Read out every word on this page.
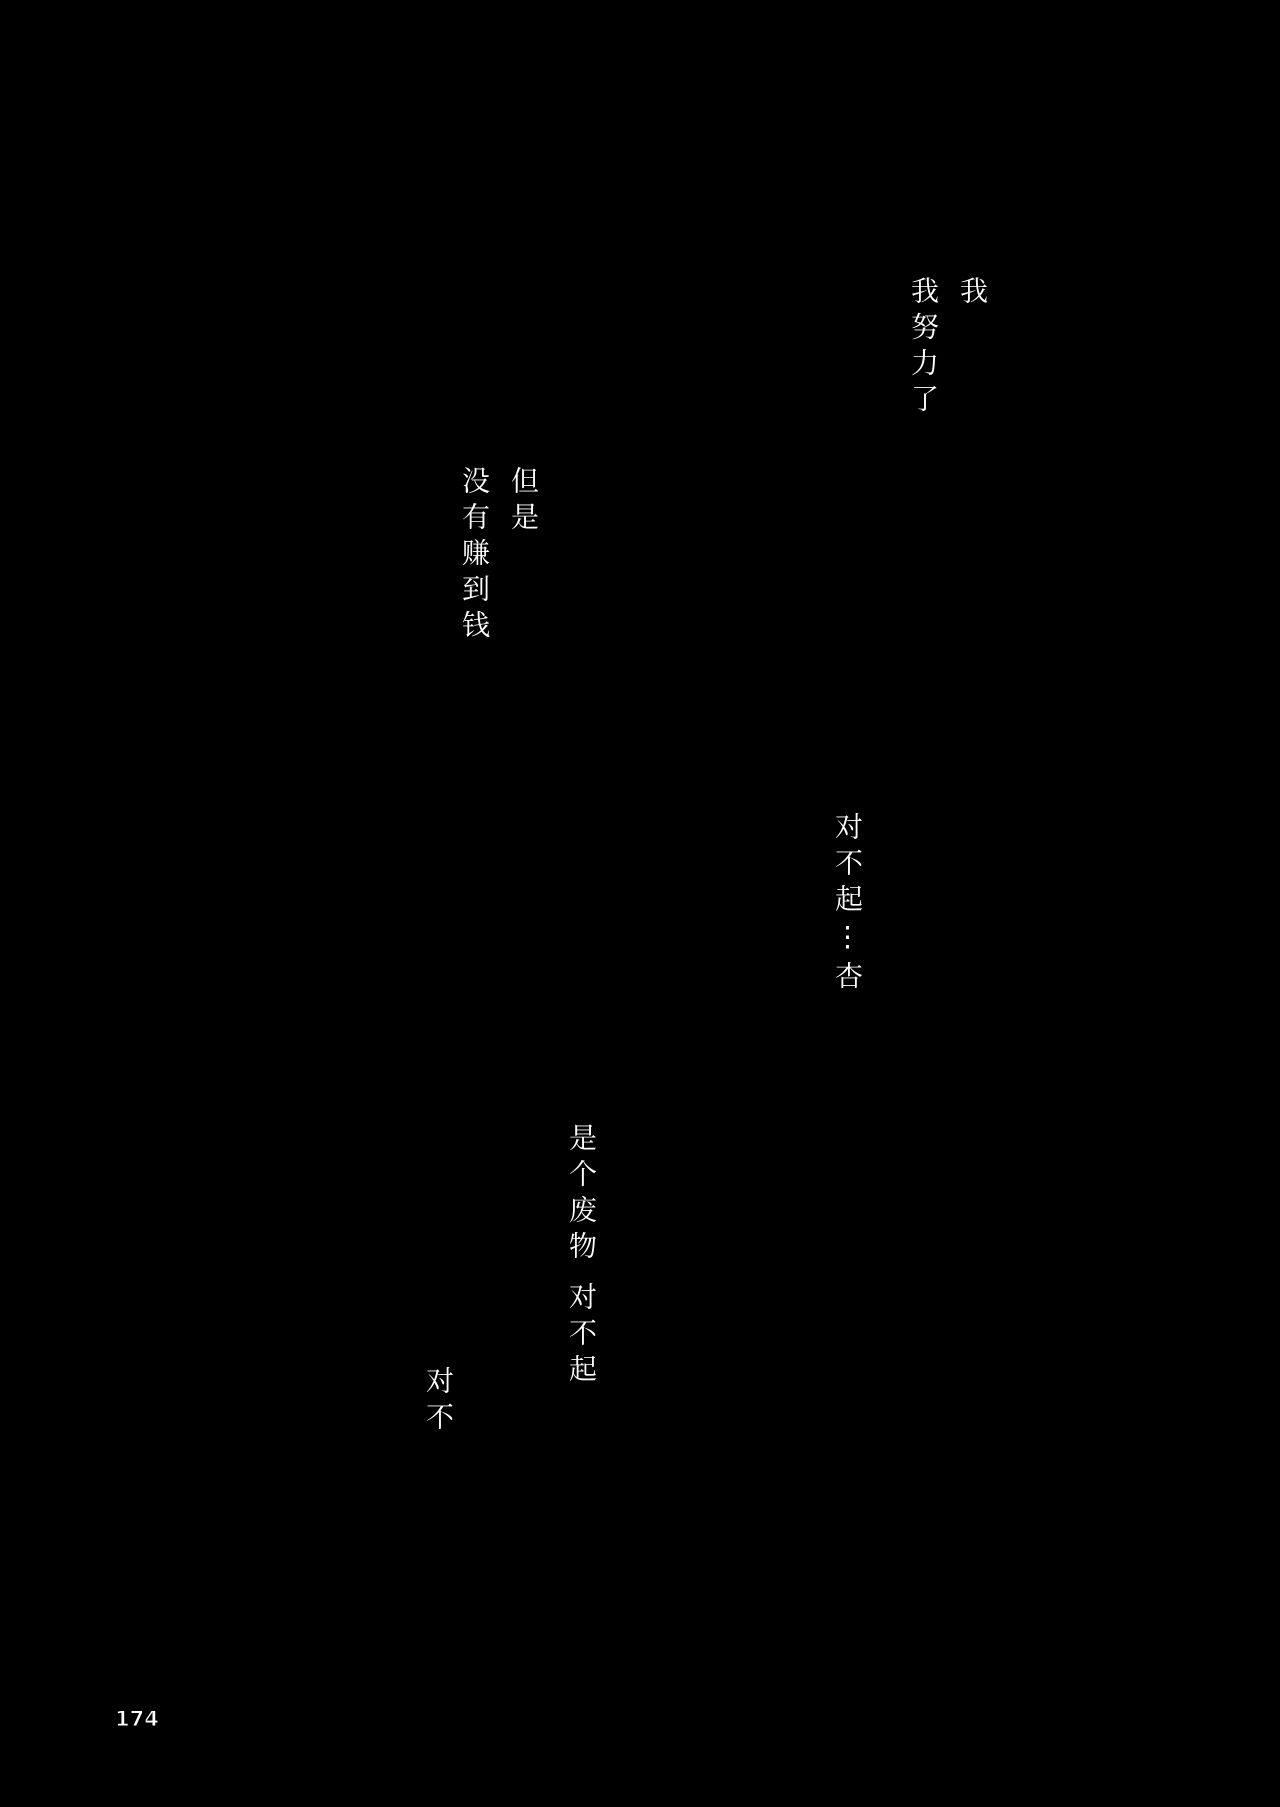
我
我努力了
但是
没有赚到钱
对不起⋮杏
是个废物
对不起
对不
174
